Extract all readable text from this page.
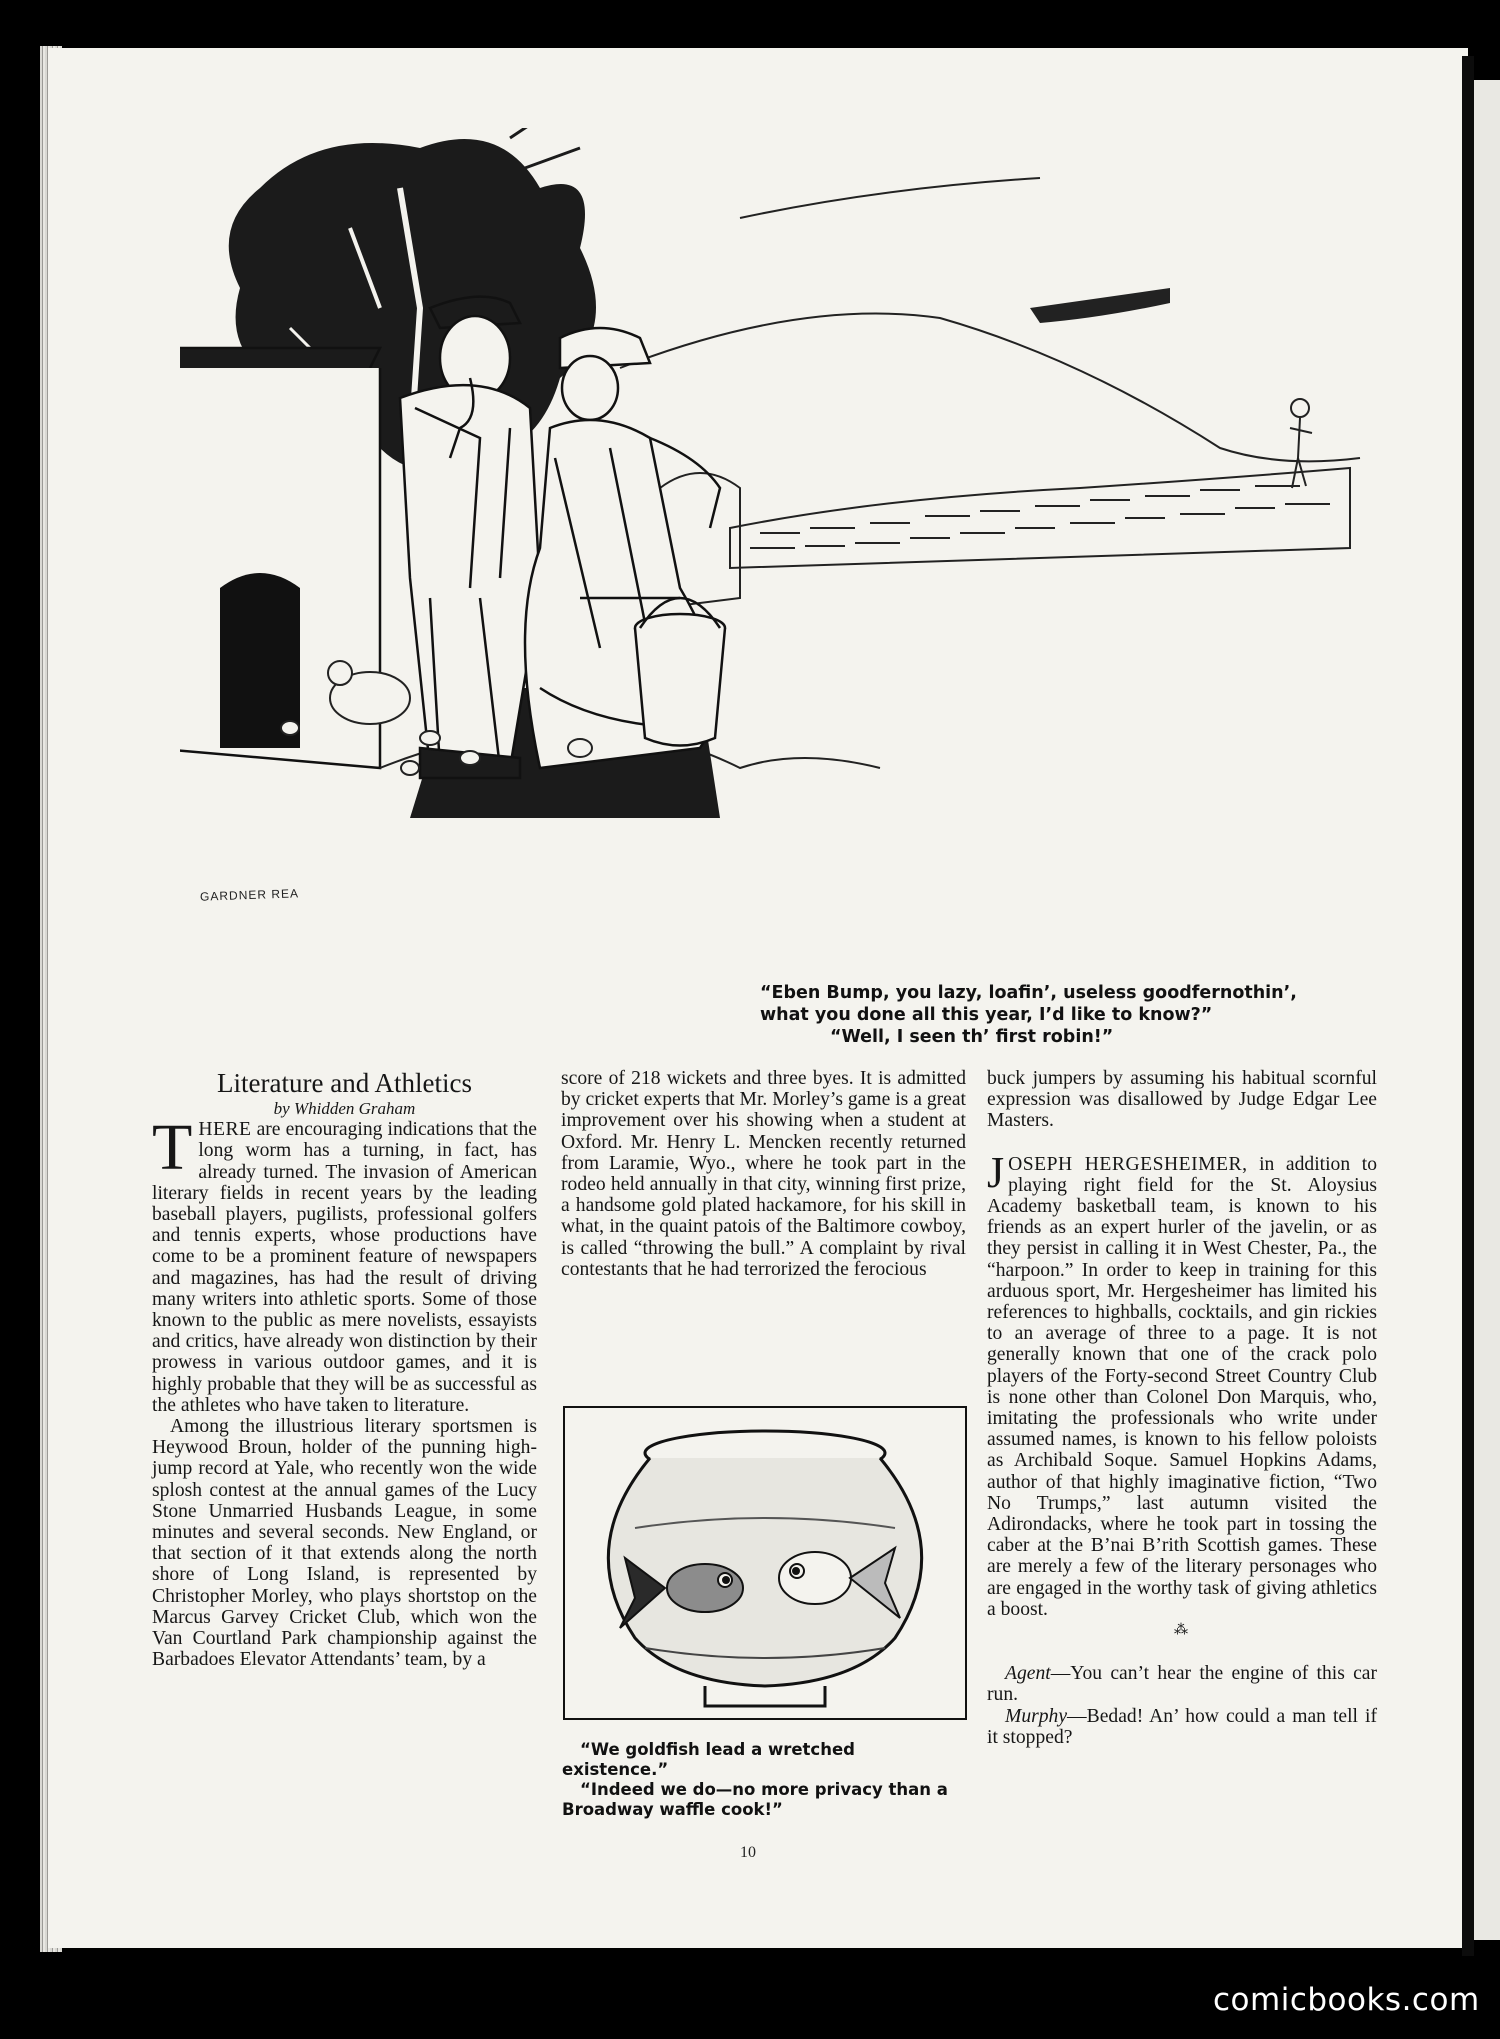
GARDNER REA
“Eben Bump, you lazy, loafin’, useless goodfernothin’,
what you done all this year, I’d like to know?”
“Well, I seen th’ first robin!”

Literature and Athletics

by Whidden Graham

THERE are encouraging indications that the long worm has a turning, in fact, has already turned. The invasion of American literary fields in recent years by the leading baseball players, pugilists, professional golfers and tennis experts, whose productions have come to be a prominent feature of newspapers and magazines, has had the result of driving many writers into athletic sports. Some of those known to the public as mere novelists, essayists and critics, have already won distinction by their prowess in various outdoor games, and it is highly probable that they will be as successful as the athletes who have taken to literature.

Among the illustrious literary sportsmen is Heywood Broun, holder of the punning high-jump record at Yale, who recently won the wide splosh contest at the annual games of the Lucy Stone Unmarried Husbands League, in some minutes and several seconds. New England, or that section of it that extends along the north shore of Long Island, is represented by Christopher Morley, who plays shortstop on the Marcus Garvey Cricket Club, which won the Van Courtland Park championship against the Barbadoes Elevator Attendants’ team, by a

score of 218 wickets and three byes. It is admitted by cricket experts that Mr. Morley’s game is a great improvement over his showing when a student at Oxford. Mr. Henry L. Mencken recently returned from Laramie, Wyo., where he took part in the rodeo held annually in that city, winning first prize, a handsome gold plated hackamore, for his skill in what, in the quaint patois of the Baltimore cowboy, is called “throwing the bull.” A complaint by rival contestants that he had terrorized the ferocious

“We goldfish lead a wretched existence.”

“Indeed we do—no more privacy than a Broadway waffle cook!”

buck jumpers by assuming his habitual scornful expression was disallowed by Judge Edgar Lee Masters.

JOSEPH HERGESHEIMER, in addition to playing right field for the St. Aloysius Academy basketball team, is known to his friends as an expert hurler of the javelin, or as they persist in calling it in West Chester, Pa., the “harpoon.” In order to keep in training for this arduous sport, Mr. Hergesheimer has limited his references to highballs, cocktails, and gin rickies to an average of three to a page. It is not generally known that one of the crack polo players of the Forty-second Street Country Club is none other than Colonel Don Marquis, who, imitating the professionals who write under assumed names, is known to his fellow poloists as Archibald Soque. Samuel Hopkins Adams, author of that highly imaginative fiction, “Two No Trumps,” last autumn visited the Adirondacks, where he took part in tossing the caber at the B’nai B’rith Scottish games. These are merely a few of the literary personages who are engaged in the worthy task of giving athletics a boost.

⁂

Agent—You can’t hear the engine of this car run.

Murphy—Bedad! An’ how could a man tell if it stopped?

10
comicbooks.com
